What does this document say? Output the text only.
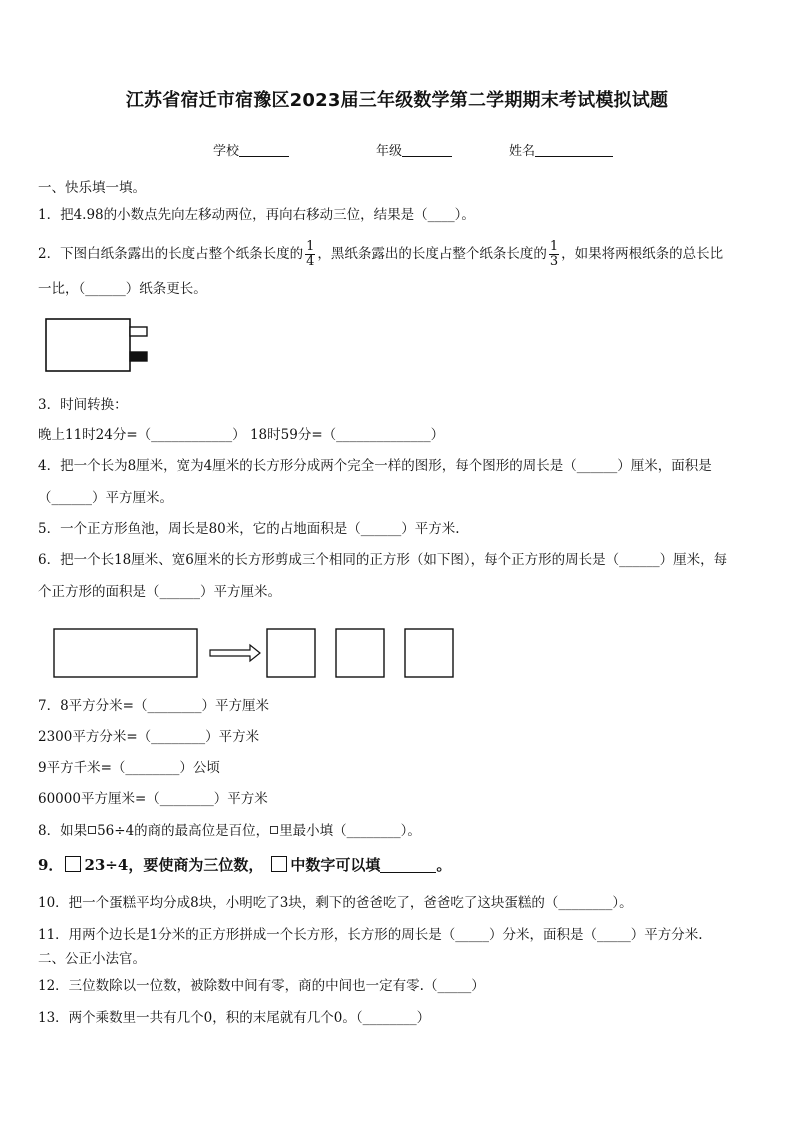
江苏省宿迁市宿豫区2023届三年级数学第二学期期末考试模拟试题
学校	年级	姓名
一、快乐填一填。
1．把4.98的小数点先向左移动两位，再向右移动三位，结果是（____）。
2．下图白纸条露出的长度占整个纸条长度的 $\frac{1}{4}$ ，黑纸条露出的长度占整个纸条长度的 $\frac{1}{3}$ ，如果将两根纸条的总长比
一比，（______）纸条更长。
3．时间转换：
晚上11时24分=（____________） 18时59分=（______________）
4．把一个长为8厘米，宽为4厘米的长方形分成两个完全一样的图形，每个图形的周长是（______）厘米，面积是
（______）平方厘米。
5．一个正方形鱼池，周长是80米，它的占地面积是（______）平方米.
6．把一个长18厘米、宽6厘米的长方形剪成三个相同的正方形（如下图），每个正方形的周长是（______）厘米，每
个正方形的面积是（______）平方厘米。
7．8平方分米=（________）平方厘米
2300平方分米=（________）平方米
9平方千米=（________）公顷
60000平方厘米=（________）平方米
8．如果 56÷4的商的最高位是百位， 里最小填（________）。
9． 23÷4，要使商为三位数， 中数字可以填	。
10．把一个蛋糕平均分成8块，小明吃了3块，剩下的爸爸吃了，爸爸吃了这块蛋糕的（________）。
11．用两个边长是1分米的正方形拼成一个长方形，长方形的周长是（_____）分米，面积是（_____）平方分米.
二、公正小法官。
12．三位数除以一位数，被除数中间有零，商的中间也一定有零.（_____）
13．两个乘数里一共有几个0，积的末尾就有几个0。（________）
